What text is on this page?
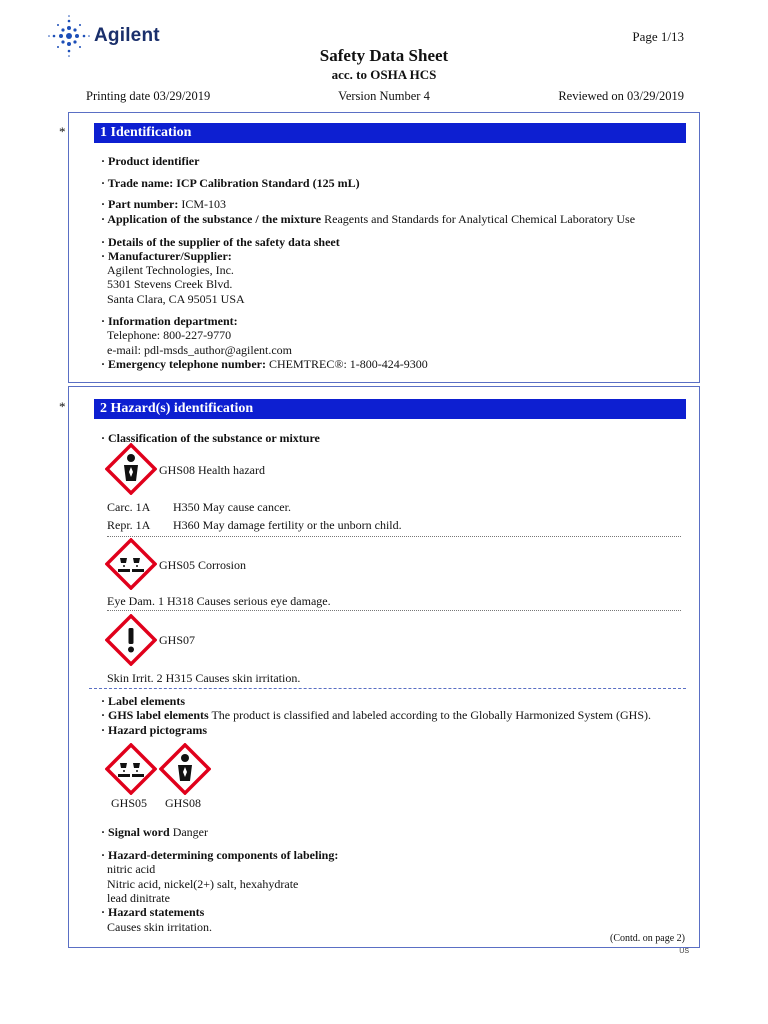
Agilent	Page 1/13
Safety Data Sheet
acc. to OSHA HCS
Printing date 03/29/2019	Version Number 4	Reviewed on 03/29/2019
*	1 Identification
· Product identifier
· Trade name: ICP Calibration Standard (125 mL)
· Part number: ICM-103
· Application of the substance / the mixture Reagents and Standards for Analytical Chemical Laboratory Use
· Details of the supplier of the safety data sheet
· Manufacturer/Supplier:
Agilent Technologies, Inc.
5301 Stevens Creek Blvd.
Santa Clara, CA 95051 USA
· Information department:
Telephone: 800-227-9770
e-mail: pdl-msds_author@agilent.com
· Emergency telephone number: CHEMTREC®: 1-800-424-9300
*	2 Hazard(s) identification
· Classification of the substance or mixture
GHS08 Health hazard
Carc. 1A H350 May cause cancer.
Repr. 1A H360 May damage fertility or the unborn child.
GHS05 Corrosion
Eye Dam. 1 H318 Causes serious eye damage.
GHS07
Skin Irrit. 2 H315 Causes skin irritation.
· Label elements
· GHS label elements The product is classified and labeled according to the Globally Harmonized System (GHS).
· Hazard pictograms
GHS05 GHS08
· Signal word Danger
· Hazard-determining components of labeling:
nitric acid
Nitric acid, nickel(2+) salt, hexahydrate
lead dinitrate
· Hazard statements
Causes skin irritation.
(Contd. on page 2)
US
